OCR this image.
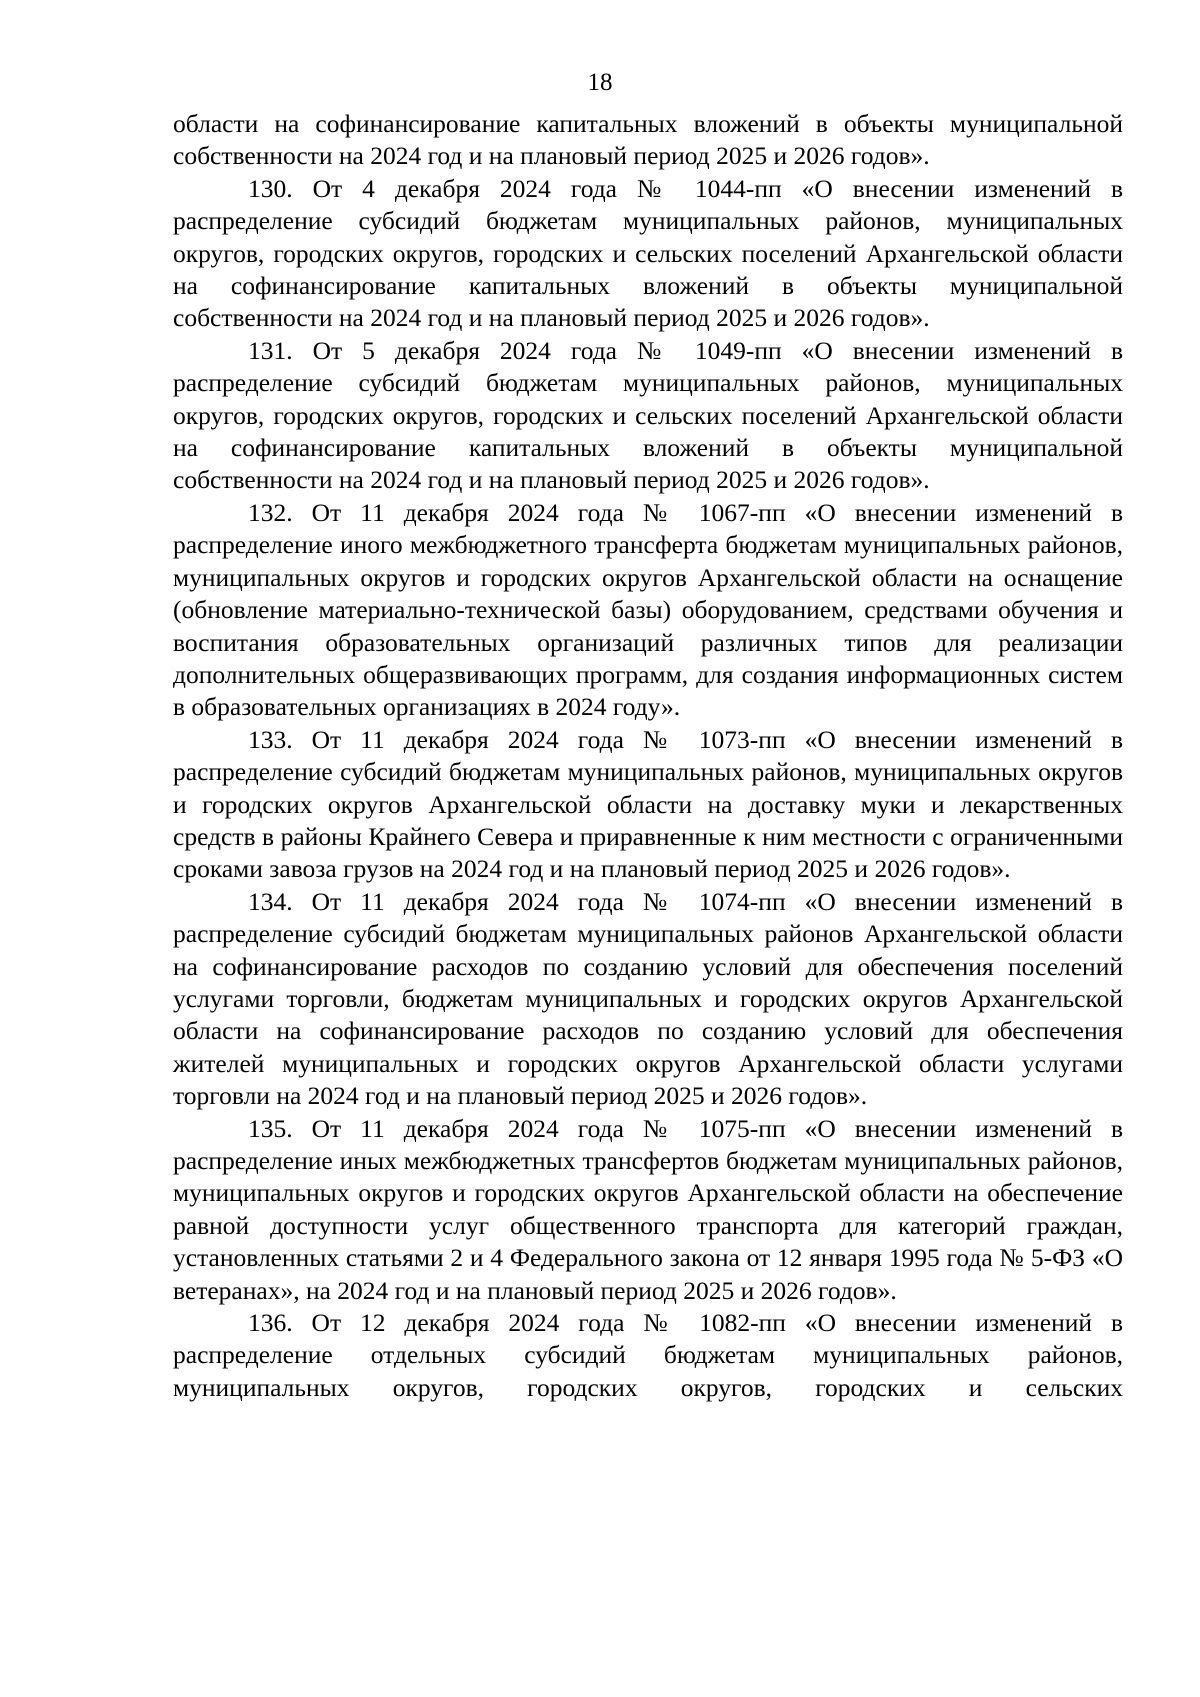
18

области на софинансирование капитальных вложений в объекты муниципальной собственности на 2024 год и на плановый период 2025 и 2026 годов».

130. От 4 декабря 2024 года № 1044-пп «О внесении изменений в распределение субсидий бюджетам муниципальных районов, муниципальных округов, городских округов, городских и сельских поселений Архангельской области на софинансирование капитальных вложений в объекты муниципальной собственности на 2024 год и на плановый период 2025 и 2026 годов».

131. От 5 декабря 2024 года № 1049-пп «О внесении изменений в распределение субсидий бюджетам муниципальных районов, муниципальных округов, городских округов, городских и сельских поселений Архангельской области на софинансирование капитальных вложений в объекты муниципальной собственности на 2024 год и на плановый период 2025 и 2026 годов».

132. От 11 декабря 2024 года № 1067-пп «О внесении изменений в распределение иного межбюджетного трансферта бюджетам муниципальных районов, муниципальных округов и городских округов Архангельской области на оснащение (обновление материально-технической базы) оборудованием, средствами обучения и воспитания образовательных организаций различных типов для реализации дополнительных общеразвивающих программ, для создания информационных систем в образовательных организациях в 2024 году».

133. От 11 декабря 2024 года № 1073-пп «О внесении изменений в распределение субсидий бюджетам муниципальных районов, муниципальных округов и городских округов Архангельской области на доставку муки и лекарственных средств в районы Крайнего Севера и приравненные к ним местности с ограниченными сроками завоза грузов на 2024 год и на плановый период 2025 и 2026 годов».

134. От 11 декабря 2024 года № 1074-пп «О внесении изменений в распределение субсидий бюджетам муниципальных районов Архангельской области на софинансирование расходов по созданию условий для обеспечения поселений услугами торговли, бюджетам муниципальных и городских округов Архангельской области на софинансирование расходов по созданию условий для обеспечения жителей муниципальных и городских округов Архангельской области услугами торговли на 2024 год и на плановый период 2025 и 2026 годов».

135. От 11 декабря 2024 года № 1075-пп «О внесении изменений в распределение иных межбюджетных трансфертов бюджетам муниципальных районов, муниципальных округов и городских округов Архангельской области на обеспечение равной доступности услуг общественного транспорта для категорий граждан, установленных статьями 2 и 4 Федерального закона от 12 января 1995 года № 5-ФЗ «О ветеранах», на 2024 год и на плановый период 2025 и 2026 годов».

136. От 12 декабря 2024 года № 1082-пп «О внесении изменений в распределение отдельных субсидий бюджетам муниципальных районов, муниципальных округов, городских округов, городских и сельских
